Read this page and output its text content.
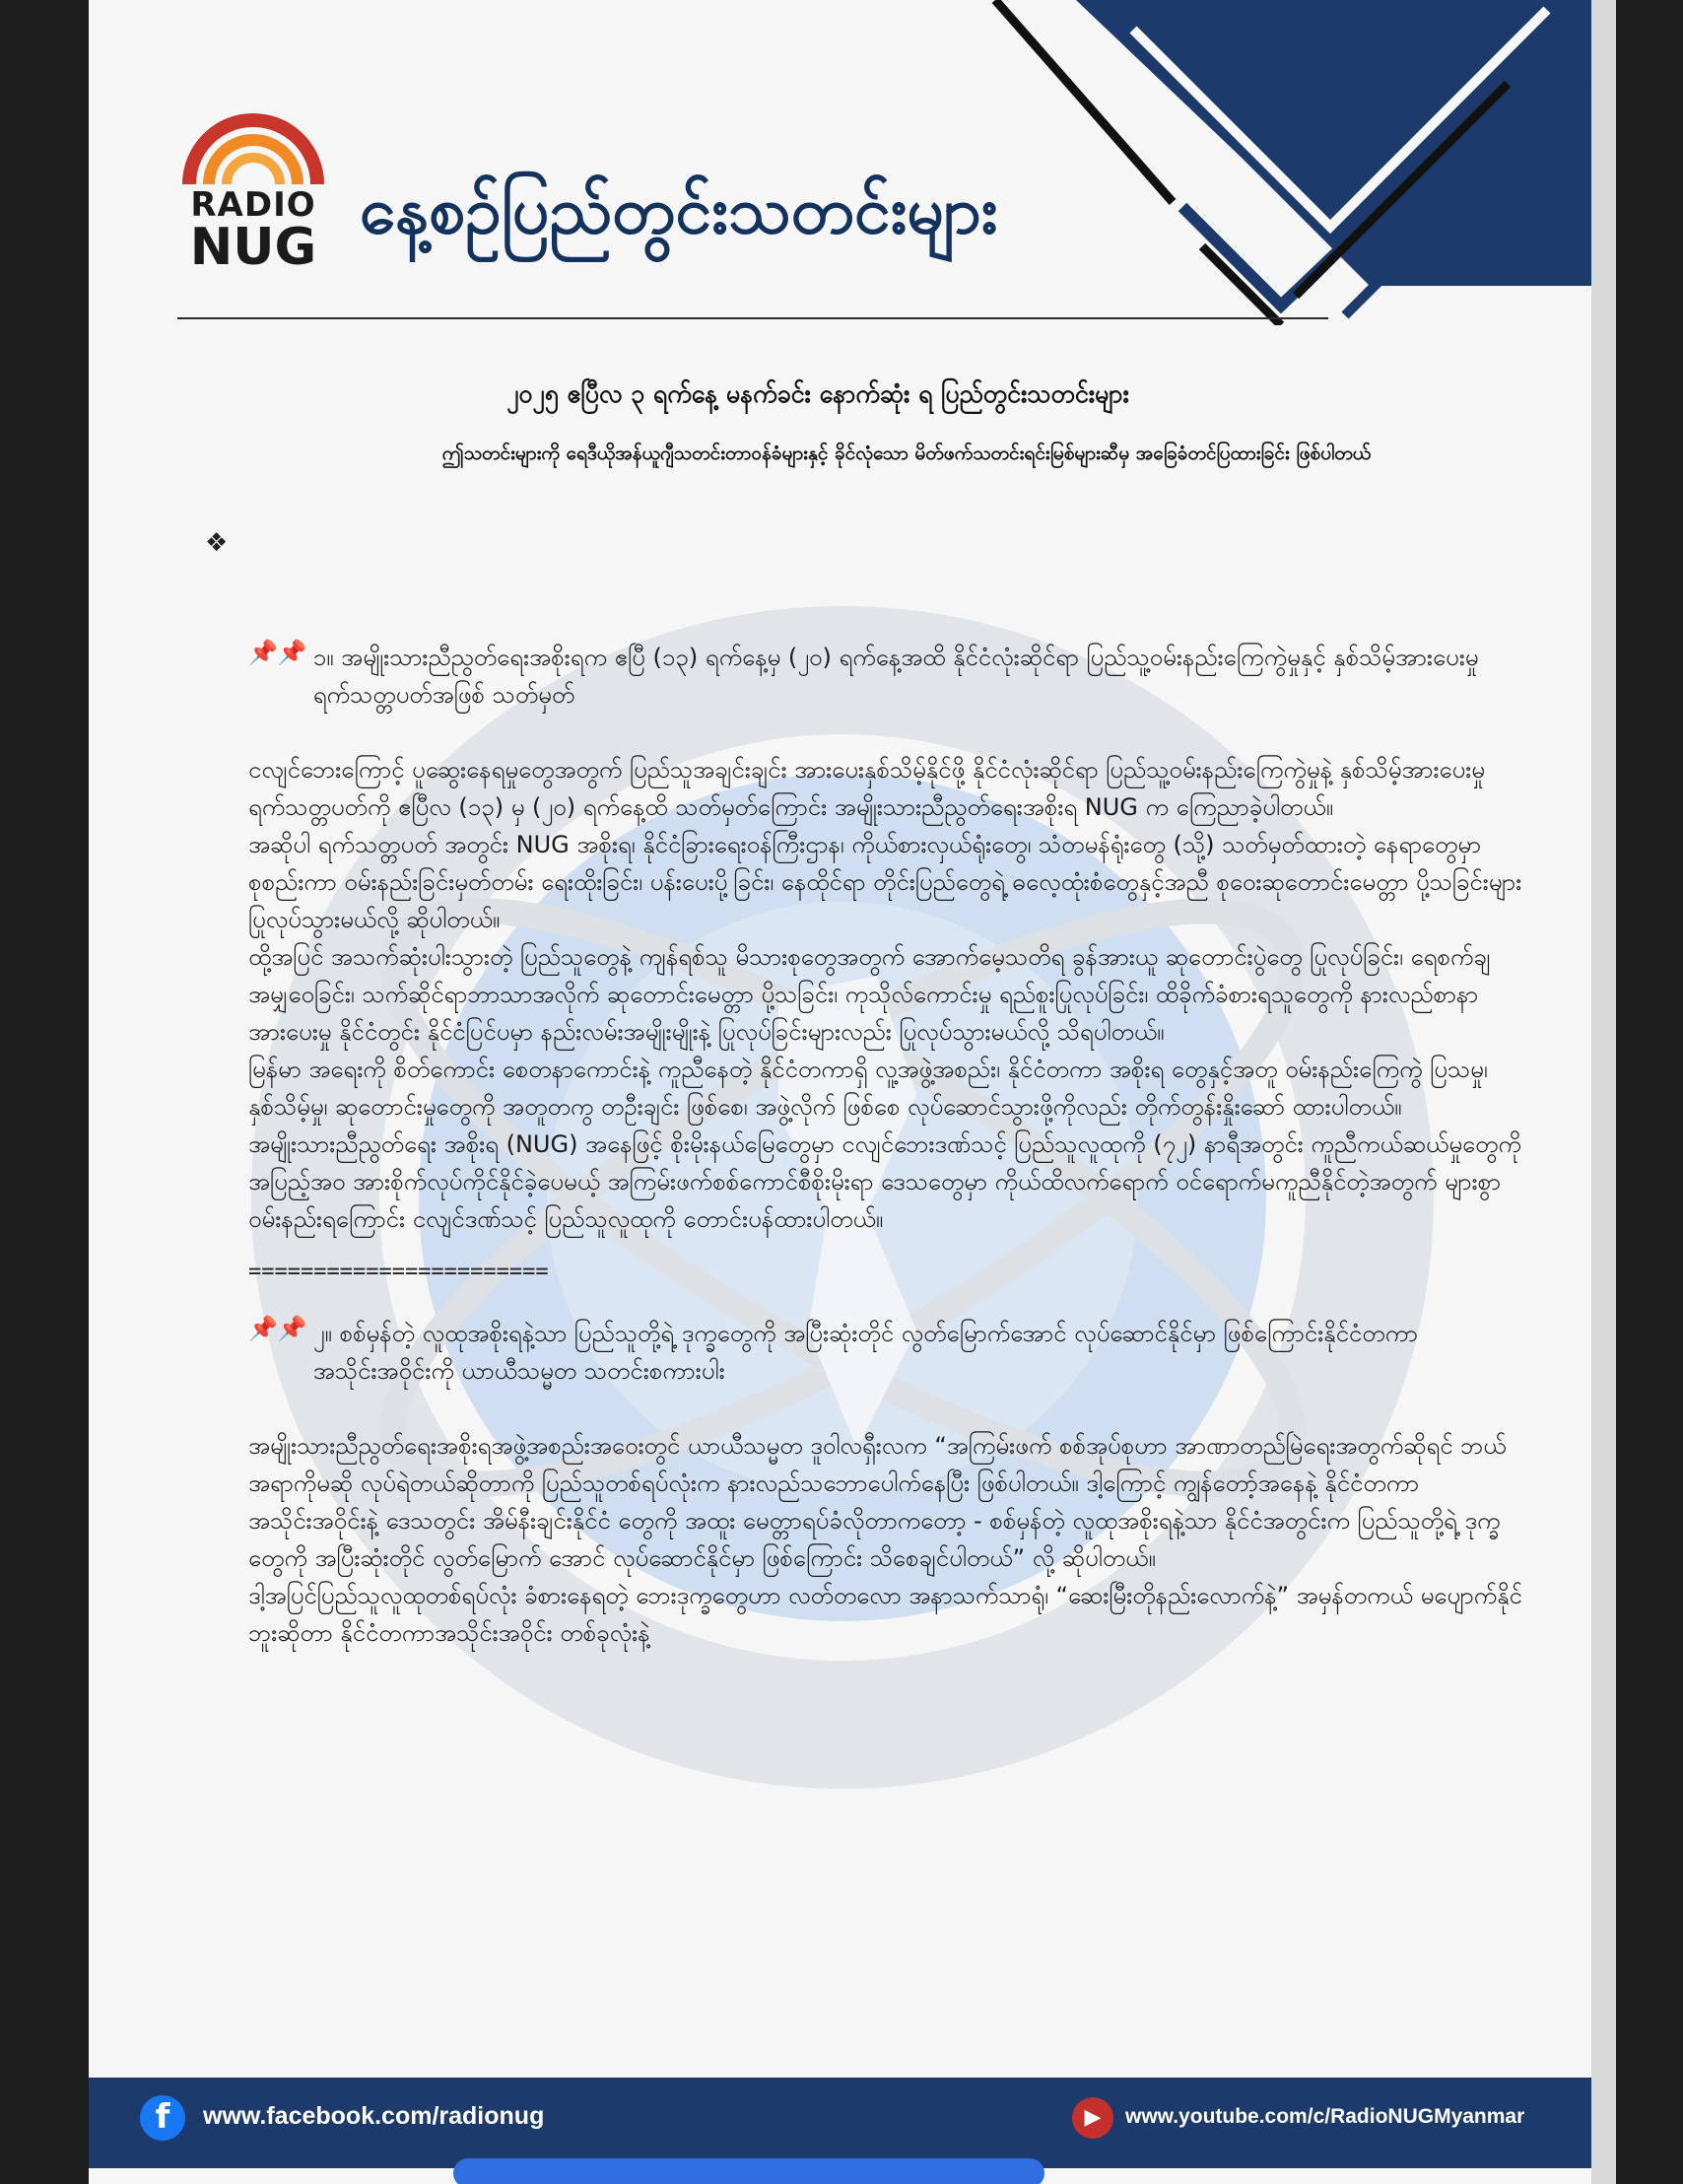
RADIO
NUG နေ့စဉ်ပြည်တွင်းသတင်းများ
၂၀၂၅ ဧပြီလ ၃ ရက်နေ့ မနက်ခင်း နောက်ဆုံး ရ ပြည်တွင်းသတင်းများ
ဤသတင်းများကို ရေဒီယိုအန်ယူဂျီသတင်းတာဝန်ခံများနှင့် ခိုင်လုံသော မိတ်ဖက်သတင်းရင်းမြစ်များဆီမှ အခြေခံတင်ပြထားခြင်း ဖြစ်ပါတယ်
❖
📌📌 ၁။ အမျိုးသားညီညွတ်ရေးအစိုးရက ဧပြီ (၁၃) ရက်နေ့မှ (၂၀) ရက်နေ့အထိ နိုင်ငံလုံးဆိုင်ရာ ပြည်သူ့ဝမ်းနည်းကြေကွဲမှုနှင့် နှစ်သိမ့်အားပေးမှု ရက်သတ္တပတ်အဖြစ် သတ်မှတ်

ငလျင်ဘေးကြောင့် ပူဆွေးနေရမှုတွေအတွက် ပြည်သူအချင်းချင်း အားပေးနှစ်သိမ့်နိုင်ဖို့ နိုင်ငံလုံးဆိုင်ရာ ပြည်သူ့ဝမ်းနည်းကြေကွဲမှုနဲ့ နှစ်သိမ့်အားပေးမှု ရက်သတ္တပတ်ကို ဧပြီလ (၁၃) မှ (၂၀) ရက်နေ့ထိ သတ်မှတ်ကြောင်း အမျိုးသားညီညွတ်ရေးအစိုးရ NUG က ကြေညာခဲ့ပါတယ်။

အဆိုပါ ရက်သတ္တပတ် အတွင်း NUG အစိုးရ၊ နိုင်ငံခြားရေးဝန်ကြီးဌာန၊ ကိုယ်စားလှယ်ရုံးတွေ၊ သံတမန်ရုံးတွေ (သို့) သတ်မှတ်ထားတဲ့ နေရာတွေမှာ စုစည်းကာ ဝမ်းနည်းခြင်းမှတ်တမ်း ရေးထိုးခြင်း၊ ပန်းပေးပို့ခြင်း၊ နေထိုင်ရာ တိုင်းပြည်တွေရဲ့ ဓလေ့ထုံးစံတွေနှင့်အညီ စုဝေးဆုတောင်းမေတ္တာ ပို့သခြင်းများ ပြုလုပ်သွားမယ်လို့ ဆိုပါတယ်။

ထို့အပြင် အသက်ဆုံးပါးသွားတဲ့ ပြည်သူတွေနဲ့ ကျန်ရစ်သူ မိသားစုတွေအတွက် အောက်မေ့သတိရ ခွန်အားယူ ဆုတောင်းပွဲတွေ ပြုလုပ်ခြင်း၊ ရေစက်ချအမျှဝေခြင်း၊ သက်ဆိုင်ရာဘာသာအလိုက် ဆုတောင်းမေတ္တာ ပို့သခြင်း၊ ကုသိုလ်ကောင်းမှု ရည်စူးပြုလုပ်ခြင်း၊ ထိခိုက်ခံစားရသူတွေကို နားလည်စာနာအားပေးမှု နိုင်ငံတွင်း နိုင်ငံပြင်ပမှာ နည်းလမ်းအမျိုးမျိုးနဲ့ ပြုလုပ်ခြင်းများလည်း ပြုလုပ်သွားမယ်လို့ သိရပါတယ်။

မြန်မာ အရေးကို စိတ်ကောင်း စေတနာကောင်းနဲ့ ကူညီနေတဲ့ နိုင်ငံတကာရှိ လူ့အဖွဲ့အစည်း၊ နိုင်ငံတကာ အစိုးရ တွေနှင့်အတူ ဝမ်းနည်းကြေကွဲ ပြသမှု၊ နှစ်သိမ့်မှု၊ ဆုတောင်းမှုတွေကို အတူတကွ တဦးချင်း ဖြစ်စေ၊ အဖွဲ့လိုက် ဖြစ်စေ လုပ်ဆောင်သွားဖို့ကိုလည်း တိုက်တွန်းနှိုးဆော် ထားပါတယ်။

အမျိုးသားညီညွတ်ရေး အစိုးရ (NUG) အနေဖြင့် စိုးမိုးနယ်မြေတွေမှာ ငလျင်ဘေးဒဏ်သင့် ပြည်သူလူထုကို (၇၂) နာရီအတွင်း ကူညီကယ်ဆယ်မှုတွေကို အပြည့်အဝ အားစိုက်လုပ်ကိုင်နိုင်ခဲ့ပေမယ့် အကြမ်းဖက်စစ်ကောင်စီစိုးမိုးရာ ဒေသတွေမှာ ကိုယ်ထိလက်ရောက် ဝင်ရောက်မကူညီနိုင်တဲ့အတွက် များစွာ ဝမ်းနည်းရကြောင်း ငလျင်ဒဏ်သင့် ပြည်သူလူထုကို တောင်းပန်ထားပါတယ်။

=======================
📌📌 ၂။ စစ်မှန်တဲ့ လူထုအစိုးရနဲ့သာ ပြည်သူတို့ရဲ့ ဒုက္ခတွေကို အပြီးဆုံးတိုင် လွတ်မြောက်အောင် လုပ်ဆောင်နိုင်မှာ ဖြစ်ကြောင်းနိုင်ငံတကာအသိုင်းအဝိုင်းကို ယာယီသမ္မတ သတင်းစကားပါး

အမျိုးသားညီညွတ်ရေးအစိုးရအဖွဲ့အစည်းအဝေးတွင် ယာယီသမ္မတ ဒူဝါလရှီးလက “အကြမ်းဖက် စစ်အုပ်စုဟာ အာဏာတည်မြဲရေးအတွက်ဆိုရင် ဘယ်အရာကိုမဆို လုပ်ရဲတယ်ဆိုတာကို ပြည်သူတစ်ရပ်လုံးက နားလည်သဘောပေါက်နေပြီး ဖြစ်ပါတယ်။ ဒါ့ကြောင့် ကျွန်တော့်အနေနဲ့ နိုင်ငံတကာအသိုင်းအဝိုင်းနဲ့ ဒေသတွင်း အိမ်နီးချင်းနိုင်ငံ တွေကို အထူး မေတ္တာရပ်ခံလိုတာကတော့ - စစ်မှန်တဲ့ လူထုအစိုးရနဲ့သာ နိုင်ငံအတွင်းက ပြည်သူတို့ရဲ့ ဒုက္ခတွေကို အပြီးဆုံးတိုင် လွတ်မြောက် အောင် လုပ်ဆောင်နိုင်မှာ ဖြစ်ကြောင်း သိစေချင်ပါတယ်” လို့ ဆိုပါတယ်။

ဒါ့အပြင်ပြည်သူလူထုတစ်ရပ်လုံး ခံစားနေရတဲ့ ဘေးဒုက္ခတွေဟာ လတ်တလော အနာသက်သာရုံ၊ “ဆေးမြီးတိုနည်းလောက်နဲ့” အမှန်တကယ် မပျောက်နိုင်ဘူးဆိုတာ နိုင်ငံတကာအသိုင်းအဝိုင်း တစ်ခုလုံးနဲ့

f	www.facebook.com/radionug	▶	www.youtube.com/c/RadioNUGMyanmar
